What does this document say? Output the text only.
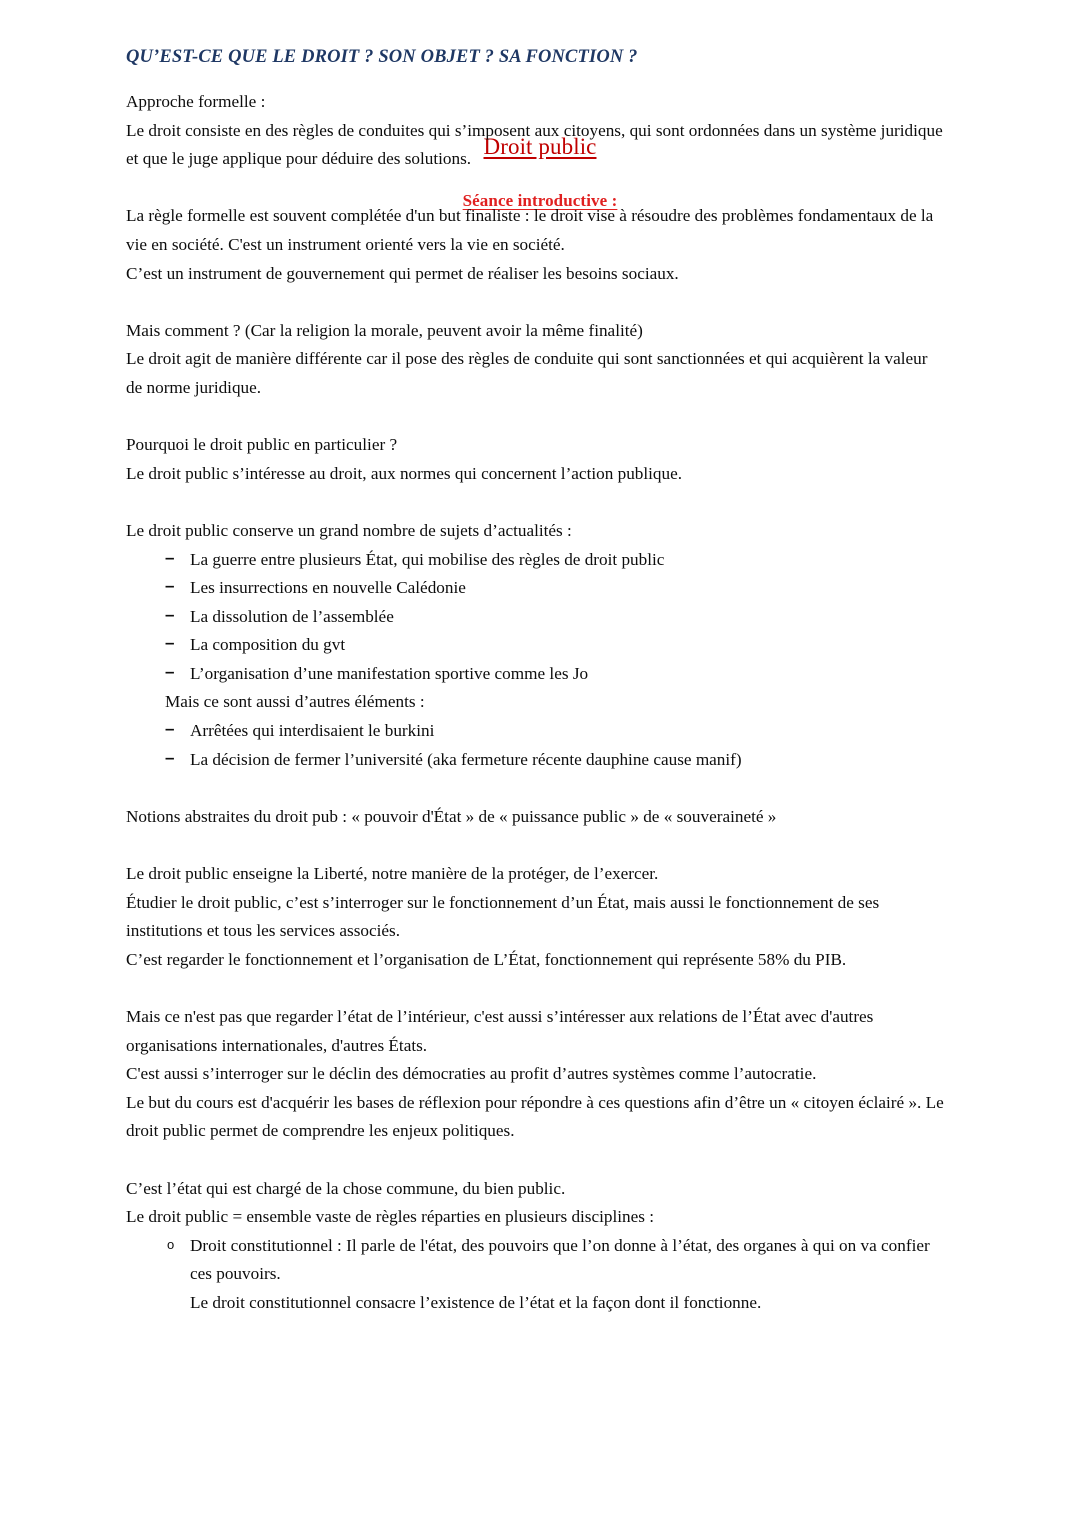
Droit public
Séance introductive :
QU’EST-CE QUE LE DROIT ? SON OBJET ? SA FONCTION ?

Approche formelle :

Le droit consiste en des règles de conduites qui s’imposent aux citoyens, qui sont ordonnées dans un système juridique et que le juge applique pour déduire des solutions.

La règle formelle est souvent complétée d'un but finaliste : le droit vise à résoudre des problèmes fondamentaux de la vie en société. C'est un instrument orienté vers la vie en société.

C’est un instrument de gouvernement qui permet de réaliser les besoins sociaux.

Mais comment ? (Car la religion la morale, peuvent avoir la même finalité)

Le droit agit de manière différente car il pose des règles de conduite qui sont sanctionnées et qui acquièrent la valeur de norme juridique.

Pourquoi le droit public en particulier ?

Le droit public s’intéresse au droit, aux normes qui concernent l’action publique.

Le droit public conserve un grand nombre de sujets d’actualités :

– La guerre entre plusieurs État, qui mobilise des règles de droit public
– Les insurrections en nouvelle Calédonie
– La dissolution de l’assemblée
– La composition du gvt
– L’organisation d’une manifestation sportive comme les Jo

Mais ce sont aussi d’autres éléments :

– Arrêtées qui interdisaient le burkini
– La décision de fermer l’université (aka fermeture récente dauphine cause manif)

Notions abstraites du droit pub : « pouvoir d'État » de « puissance public » de « souveraineté »

Le droit public enseigne la Liberté, notre manière de la protéger, de l’exercer.

Étudier le droit public, c’est s’interroger sur le fonctionnement d’un État, mais aussi le fonctionnement de ses institutions et tous les services associés.

C’est regarder le fonctionnement et l’organisation de L’État, fonctionnement qui représente 58% du PIB.

Mais ce n'est pas que regarder l’état de l’intérieur, c'est aussi s’intéresser aux relations de l’État avec d'autres organisations internationales, d'autres États.

C'est aussi s’interroger sur le déclin des démocraties au profit d’autres systèmes comme l’autocratie.

Le but du cours est d'acquérir les bases de réflexion pour répondre à ces questions afin d’être un « citoyen éclairé ». Le droit public permet de comprendre les enjeux politiques.

C’est l’état qui est chargé de la chose commune, du bien public.

Le droit public = ensemble vaste de règles réparties en plusieurs disciplines :

o Droit constitutionnel : Il parle de l'état, des pouvoirs que l’on donne à l’état, des organes à qui on va confier ces pouvoirs.

Le droit constitutionnel consacre l’existence de l’état et la façon dont il fonctionne.
